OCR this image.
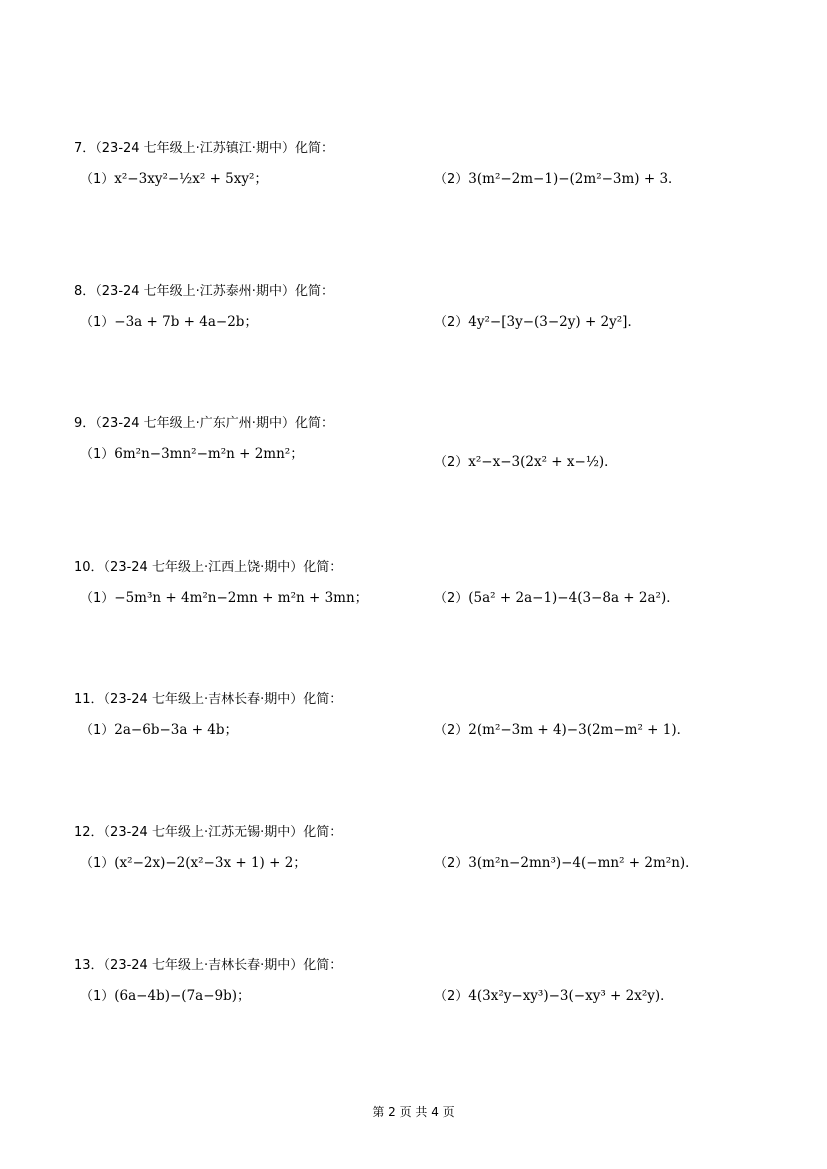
7．（23-24 七年级上·江苏镇江·期中）化简：
（1）x²−3xy²−½x² + 5xy²；	（2）3(m²−2m−1)−(2m²−3m) + 3．
8．（23-24 七年级上·江苏泰州·期中）化简：
（1）−3a + 7b + 4a−2b；	（2）4y²−[3y−(3−2y) + 2y²]．
9．（23-24 七年级上·广东广州·期中）化简：
（1）6m²n−3mn²−m²n + 2mn²；
（2）x²−x−3(2x² + x−½)．
10．（23-24 七年级上·江西上饶·期中）化简：
（1）−5m³n + 4m²n−2mn + m²n + 3mn；	（2）(5a² + 2a−1)−4(3−8a + 2a²)．
11．（23-24 七年级上·吉林长春·期中）化简：
（1）2a−6b−3a + 4b；	（2）2(m²−3m + 4)−3(2m−m² + 1)．
12．（23-24 七年级上·江苏无锡·期中）化简：
（1）(x²−2x)−2(x²−3x + 1) + 2；	（2）3(m²n−2mn³)−4(−mn² + 2m²n)．
13．（23-24 七年级上·吉林长春·期中）化简：
（1）(6a−4b)−(7a−9b)；	（2）4(3x²y−xy³)−3(−xy³ + 2x²y)．
第 2 页 共 4 页
